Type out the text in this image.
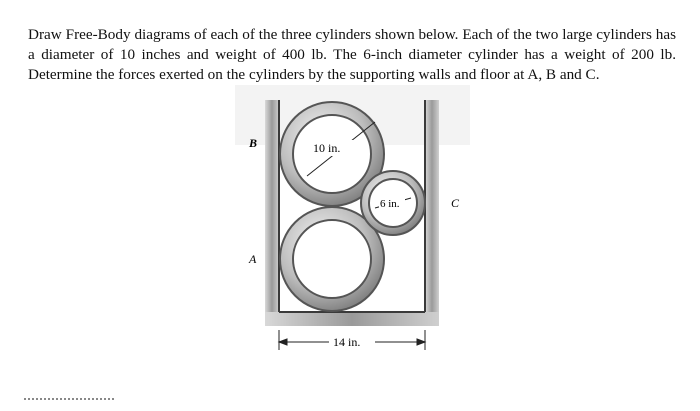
Draw Free-Body diagrams of each of the three cylinders shown below. Each of the two large cylinders has a diameter of 10 inches and weight of 400 lb. The 6-inch diameter cylinder has a weight of 200 lb. Determine the forces exerted on the cylinders by the supporting walls and floor at A, B and C.

10 in.
6 in.
B
A
C
14 in.
